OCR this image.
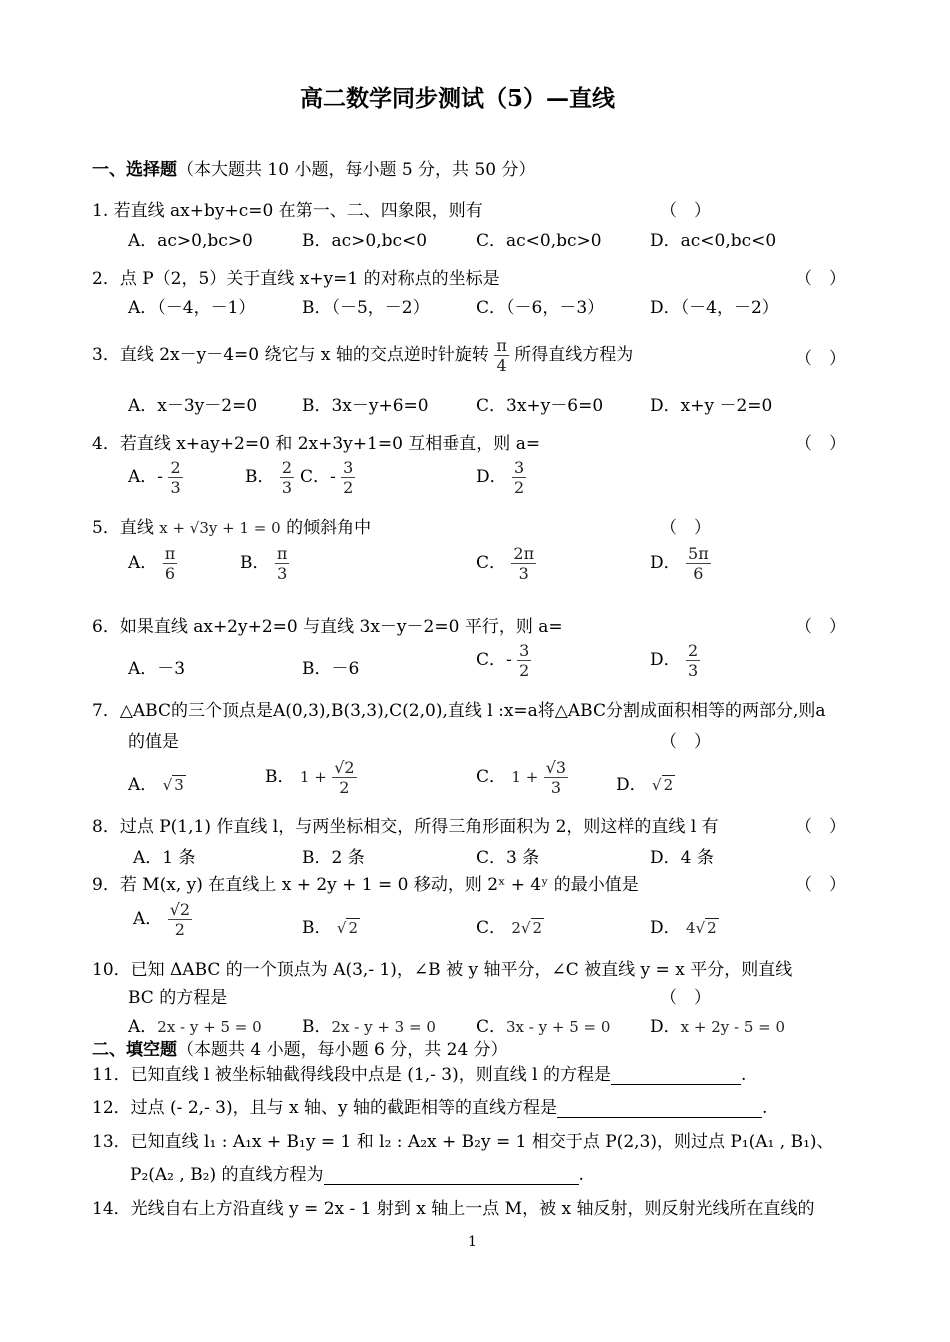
高二数学同步测试（5）—直线
一、选择题（本大题共 10 小题，每小题 5 分，共 50 分）
1. 若直线 ax+by+c=0 在第一、二、四象限，则有	（　）
A．ac>0,bc>0	B．ac>0,bc<0	C．ac<0,bc>0	D．ac<0,bc<0
2．点 P（2，5）关于直线 x+y=1 的对称点的坐标是	（　）
A．（－4，－1）	B．（－5，－2）	C．（－6，－3）	D．（－4，－2）
3．直线 2x－y－4=0 绕它与 x 轴的交点逆时针旋转 $\frac{\pi}{4}$ 所得直线方程为	（　）
A．x－3y－2=0	B．3x－y+6=0	C．3x+y－6=0	D．x+y －2=0
4．若直线 x+ay+2=0 和 2x+3y+1=0 互相垂直，则 a=	（　）
A．- $\frac{2}{3}$	B． $\frac{2}{3}$ C．- $\frac{3}{2}$	D． $\frac{3}{2}$
5．直线 x + √3y + 1 = 0 的倾斜角中	（　）
A． $\frac{\pi}{6}$	B． $\frac{\pi}{3}$	C． $\frac{2\pi}{3}$	D． $\frac{5\pi}{6}$
6．如果直线 ax+2y+2=0 与直线 3x－y－2=0 平行，则 a=	（　）
A．－3	B．－6	C．- $\frac{3}{2}$	D． $\frac{2}{3}$
7．△ABC的三个顶点是A(0,3),B(3,3),C(2,0),直线 l :x=a将△ABC分割成面积相等的两部分,则a
的值是	（　）
A． √ 3	B． $1 + \frac{√2}{2}$	C． $1 + \frac{√3}{3}$	D． √ 2
8．过点 P(1,1) 作直线 l，与两坐标相交，所得三角形面积为 2，则这样的直线 l 有	（　）
A．1 条	B．2 条	C．3 条	D．4 条
9．若 M(x, y) 在直线上 x + 2y + 1 = 0 移动，则 2ˣ + 4ʸ 的最小值是	（　）
A． $\frac{√2}{2}$	B． √ 2	C． 2√ 2	D． 4√ 2
10．已知 ΔABC 的一个顶点为 A(3,- 1)，∠B 被 y 轴平分，∠C 被直线 y = x 平分，则直线
BC 的方程是	（　）
A．2x - y + 5 = 0 B．2x - y + 3 = 0 C．3x - y + 5 = 0 D．x + 2y - 5 = 0
二、填空题（本题共 4 小题，每小题 6 分，共 24 分）
11．已知直线 l 被坐标轴截得线段中点是 (1,- 3)，则直线 l 的方程是	.
12．过点 (- 2,- 3)，且与 x 轴、y 轴的截距相等的直线方程是	.
13．已知直线 l₁ : A₁x + B₁y = 1 和 l₂ : A₂x + B₂y = 1 相交于点 P(2,3)，则过点 P₁(A₁ , B₁)、
P₂(A₂ , B₂) 的直线方程为	.
14．光线自右上方沿直线 y = 2x - 1 射到 x 轴上一点 M，被 x 轴反射，则反射光线所在直线的
1
